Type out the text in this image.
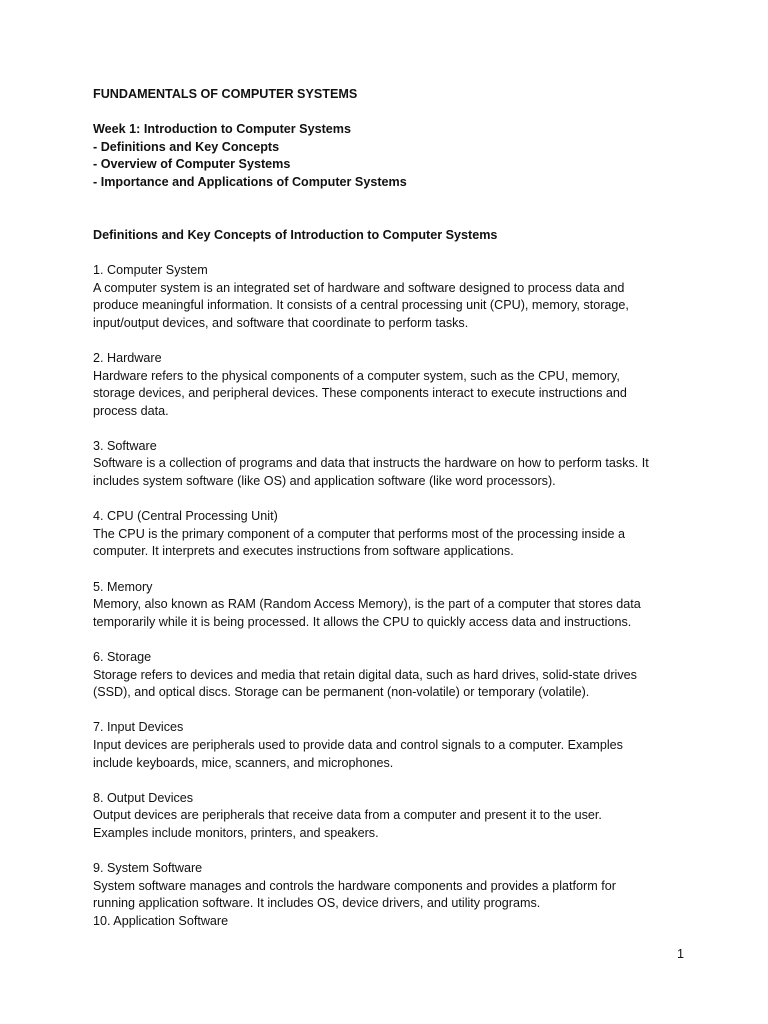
FUNDAMENTALS OF COMPUTER SYSTEMS
Week 1: Introduction to Computer Systems
- Definitions and Key Concepts
- Overview of Computer Systems
- Importance and Applications of Computer Systems
Definitions and Key Concepts of Introduction to Computer Systems
1. Computer System
A computer system is an integrated set of hardware and software designed to process data and
produce meaningful information. It consists of a central processing unit (CPU), memory, storage,
input/output devices, and software that coordinate to perform tasks.
2. Hardware
Hardware refers to the physical components of a computer system, such as the CPU, memory,
storage devices, and peripheral devices. These components interact to execute instructions and
process data.
3. Software
Software is a collection of programs and data that instructs the hardware on how to perform tasks. It
includes system software (like OS) and application software (like word processors).
4. CPU (Central Processing Unit)
The CPU is the primary component of a computer that performs most of the processing inside a
computer. It interprets and executes instructions from software applications.
5. Memory
Memory, also known as RAM (Random Access Memory), is the part of a computer that stores data
temporarily while it is being processed. It allows the CPU to quickly access data and instructions.
6. Storage
Storage refers to devices and media that retain digital data, such as hard drives, solid-state drives
(SSD), and optical discs. Storage can be permanent (non-volatile) or temporary (volatile).
7. Input Devices
Input devices are peripherals used to provide data and control signals to a computer. Examples
include keyboards, mice, scanners, and microphones.
8. Output Devices
Output devices are peripherals that receive data from a computer and present it to the user.
Examples include monitors, printers, and speakers.
9. System Software
System software manages and controls the hardware components and provides a platform for
running application software. It includes OS, device drivers, and utility programs.
10. Application Software
1
